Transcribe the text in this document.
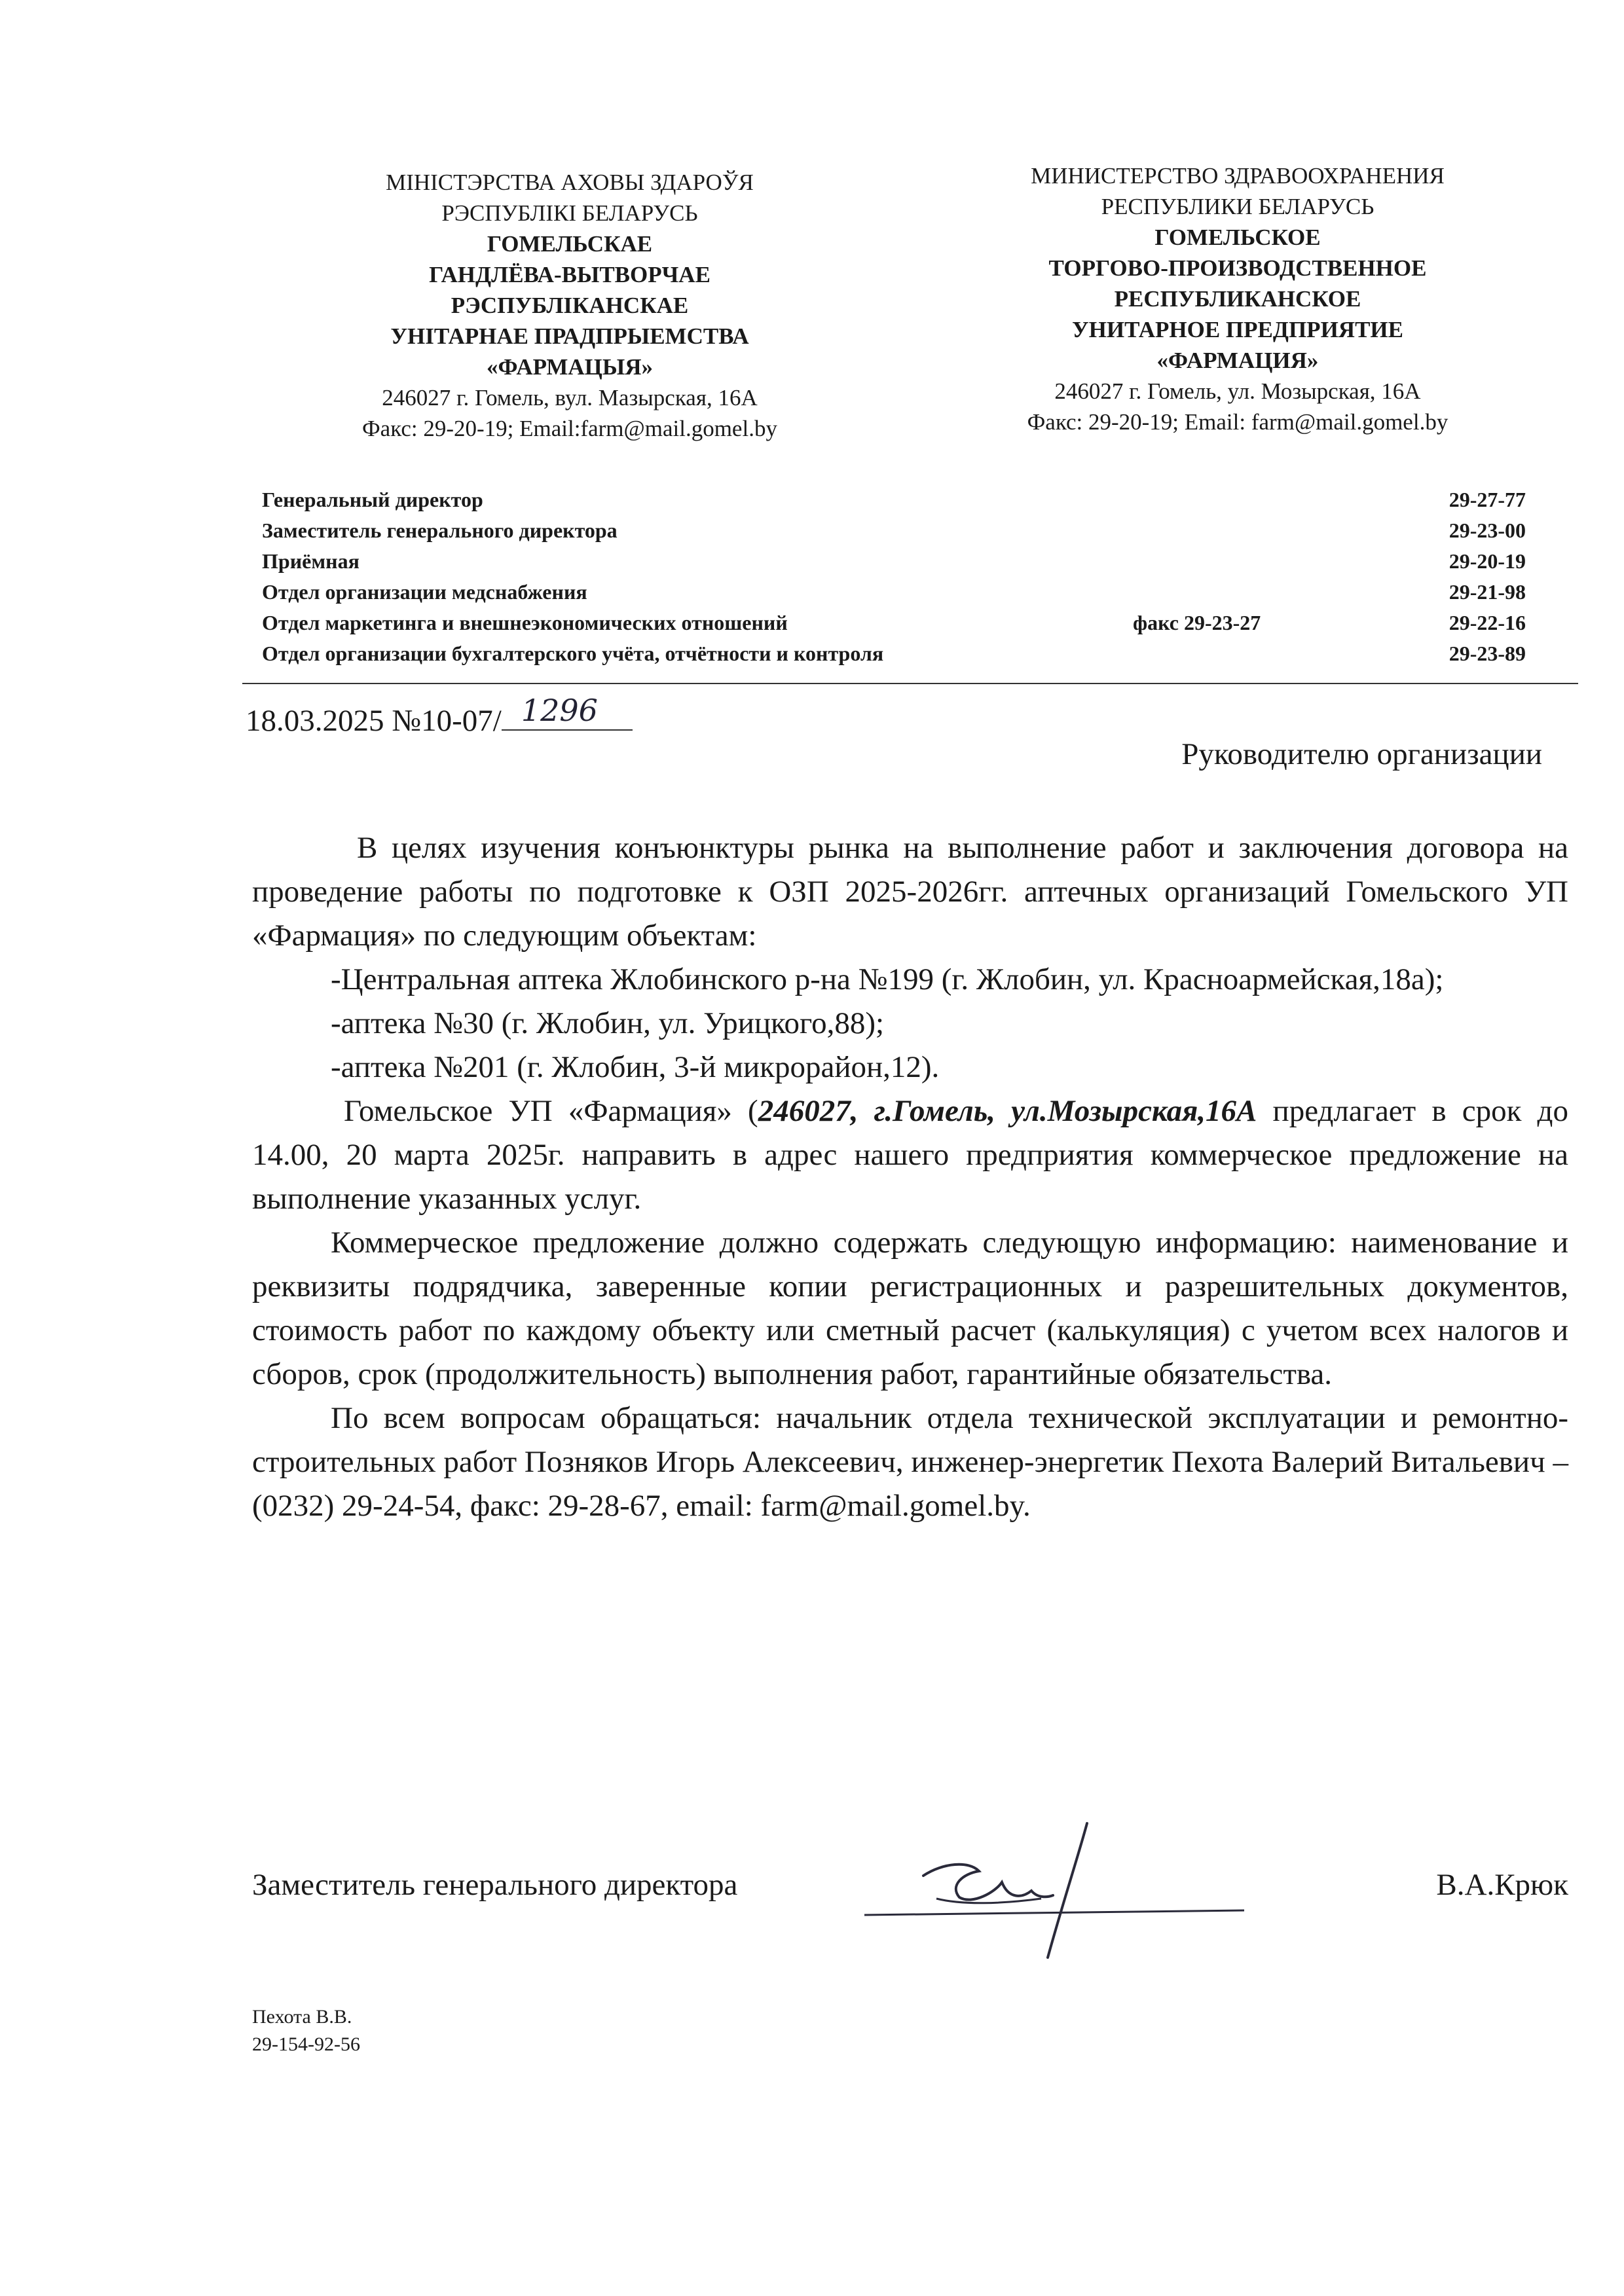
МІНІСТЭРСТВА АХОВЫ ЗДАРОЎЯ
РЭСПУБЛІКІ БЕЛАРУСЬ
ГОМЕЛЬСКАЕ
ГАНДЛЁВА-ВЫТВОРЧАЕ
РЭСПУБЛІКАНСКАЕ
УНІТАРНАЕ ПРАДПРЫЕМСТВА
«ФАРМАЦЫЯ»
246027 г. Гомель, вул. Мазырская, 16А
Факс: 29-20-19; Email:farm@mail.gomel.by
МИНИСТЕРСТВО ЗДРАВООХРАНЕНИЯ
РЕСПУБЛИКИ БЕЛАРУСЬ
ГОМЕЛЬСКОЕ
ТОРГОВО-ПРОИЗВОДСТВЕННОЕ
РЕСПУБЛИКАНСКОЕ
УНИТАРНОЕ ПРЕДПРИЯТИЕ
«ФАРМАЦИЯ»
246027 г. Гомель, ул. Мозырская, 16А
Факс: 29-20-19; Email: farm@mail.gomel.by
Генеральный директор	29-27-77
Заместитель генерального директора	29-23-00
Приёмная	29-20-19
Отдел организации медснабжения	29-21-98
Отдел маркетинга и внешнеэкономических отношений	факс 29-23-27	29-22-16
Отдел организации бухгалтерского учёта, отчётности и контроля	29-23-89
18.03.2025 №10-07/ 1296
Руководителю организации

В целях изучения конъюнктуры рынка на выполнение работ и заключения договора на проведение работы по подготовке к ОЗП 2025-2026гг. аптечных организаций Гомельского УП «Фармация» по следующим объектам:

-Центральная аптека Жлобинского р-на №199 (г. Жлобин, ул. Красноармейская,18а);

-аптека №30 (г. Жлобин, ул. Урицкого,88);

-аптека №201 (г. Жлобин, 3-й микрорайон,12).

Гомельское УП «Фармация» (246027, г.Гомель, ул.Мозырская,16А предлагает в срок до 14.00, 20 марта 2025г. направить в адрес нашего предприятия коммерческое предложение на выполнение указанных услуг.

Коммерческое предложение должно содержать следующую информацию: наименование и реквизиты подрядчика, заверенные копии регистрационных и разрешительных документов, стоимость работ по каждому объекту или сметный расчет (калькуляция) с учетом всех налогов и сборов, срок (продолжительность) выполнения работ, гарантийные обязательства.

По всем вопросам обращаться: начальник отдела технической эксплуатации и ремонтно-строительных работ Позняков Игорь Алексеевич, инженер-энергетик Пехота Валерий Витальевич – (0232) 29-24-54, факс: 29-28-67, email: farm@mail.gomel.by.

Заместитель генерального директора	В.А.Крюк
Пехота В.В.
29-154-92-56
